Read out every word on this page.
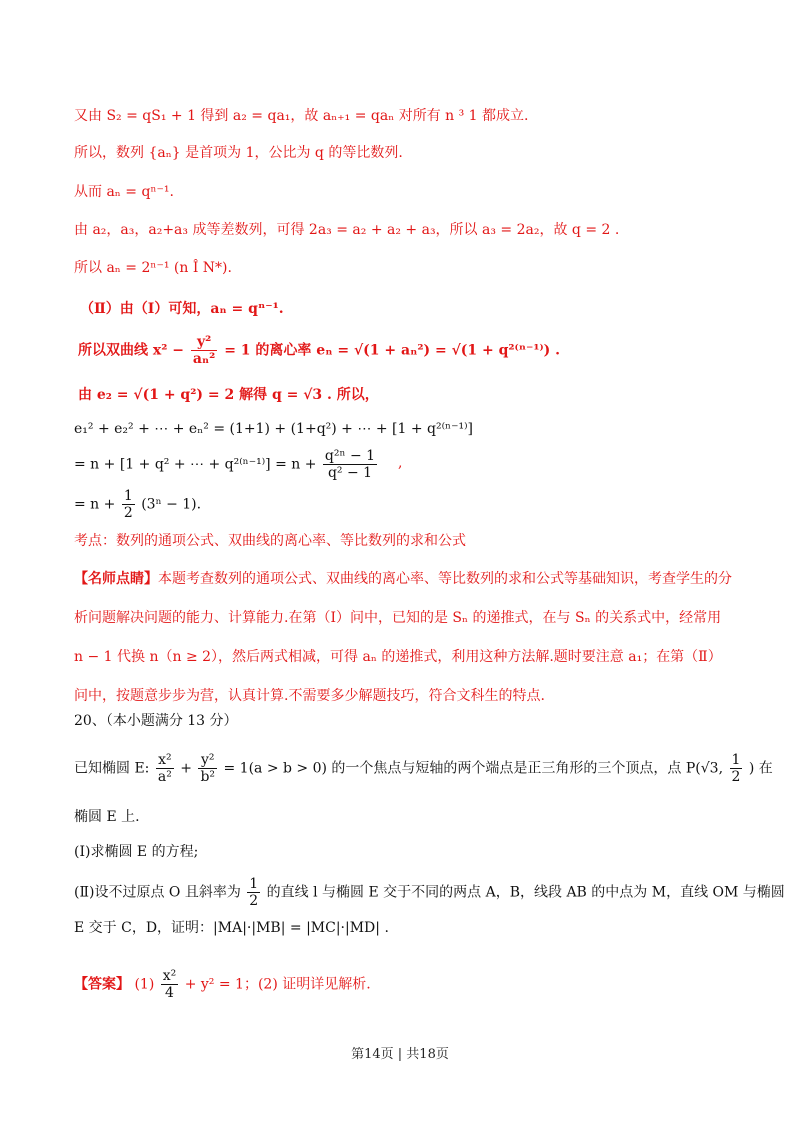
又由 S₂ = qS₁ + 1 得到 a₂ = qa₁，故 aₙ₊₁ = qaₙ 对所有 n ³ 1 都成立.
所以，数列 {aₙ} 是首项为 1，公比为 q 的等比数列.
从而 aₙ = qⁿ⁻¹.
由 a₂，a₃，a₂+a₃ 成等差数列，可得 2a₃ = a₂ + a₂ + a₃，所以 a₃ = 2a₂，故 q = 2 .
所以 aₙ = 2ⁿ⁻¹ (n Î N*).
（Ⅱ）由（Ⅰ）可知，aₙ = qⁿ⁻¹.
所以双曲线 $x^2 - \frac{\text{y²}}{\text{aₙ²}} = 1$ 的离心率 eₙ = √(1 + aₙ²) = √(1 + q²⁽ⁿ⁻¹⁾) .
由 e₂ = √(1 + q²) = 2 解得 q = √3 . 所以，
e₁² + e₂² + ⋯ + eₙ² = (1+1) + (1+q²) + ⋯ + [1 + q²⁽ⁿ⁻¹⁾]
= n + [1 + q² + ⋯ + $q^{2(n-1)}] = n + \frac{\text{q²ⁿ − 1}}{\text{q² − 1}}$ ,
= $n + \frac{1}{2} (3^n - 1)$.
考点：数列的通项公式、双曲线的离心率、等比数列的求和公式
【名师点睛】本题考查数列的通项公式、双曲线的离心率、等比数列的求和公式等基础知识，考查学生的分析问题解决问题的能力、计算能力.在第（Ⅰ）问中，已知的是 Sₙ 的递推式，在与 Sₙ 的关系式中，经常用 n − 1 代换 n（n ≥ 2），然后两式相减，可得 aₙ 的递推式，利用这种方法解.题时要注意 a₁；在第（Ⅱ）问中，按题意步步为营，认真计算.不需要多少解题技巧，符合文科生的特点.
20、（本小题满分 13 分）
已知椭圆 E: $\frac{\text{x²}}{\text{a²}} + \frac{\text{y²}}{\text{b²}} = 1(a > b > 0)$ 的一个焦点与短轴的两个端点是正三角形的三个顶点，点 P(√3, $\frac{1}{2}$ ) 在
椭圆 E 上.
(Ⅰ)求椭圆 E 的方程;
(Ⅱ)设不过原点 O 且斜率为 $\frac{1}{2}$ 的直线 l 与椭圆 E 交于不同的两点 A，B，线段 AB 的中点为 M，直线 OM 与椭圆
E 交于 C，D，证明：|MA|·|MB| = |MC|·|MD| .
【答案】 $(1) \frac{\text{x²}}{4} + y^2 = 1$；(2) 证明详见解析.
第14页 | 共18页
